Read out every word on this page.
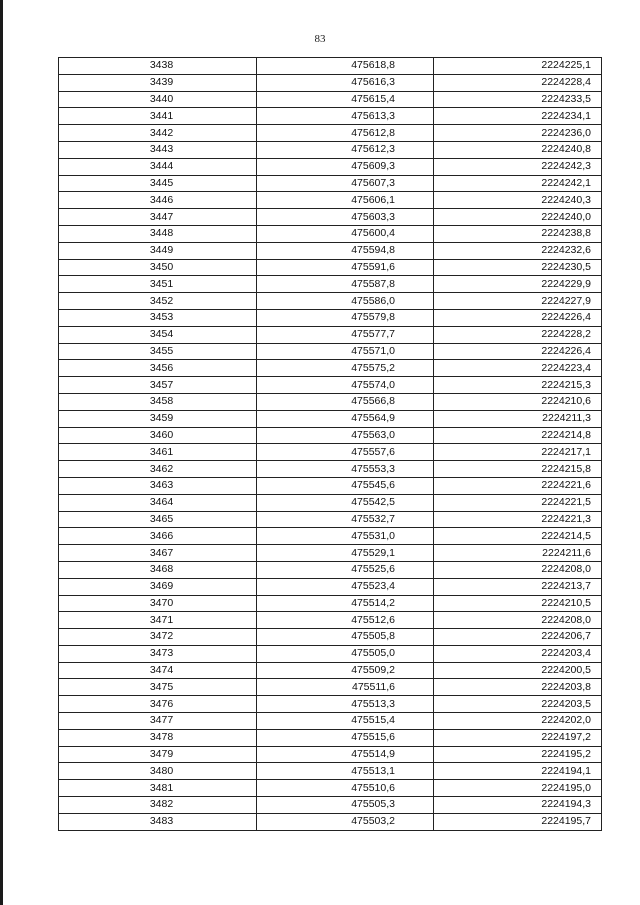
83
3438	475618,8	2224225,1
3439	475616,3	2224228,4
3440	475615,4	2224233,5
3441	475613,3	2224234,1
3442	475612,8	2224236,0
3443	475612,3	2224240,8
3444	475609,3	2224242,3
3445	475607,3	2224242,1
3446	475606,1	2224240,3
3447	475603,3	2224240,0
3448	475600,4	2224238,8
3449	475594,8	2224232,6
3450	475591,6	2224230,5
3451	475587,8	2224229,9
3452	475586,0	2224227,9
3453	475579,8	2224226,4
3454	475577,7	2224228,2
3455	475571,0	2224226,4
3456	475575,2	2224223,4
3457	475574,0	2224215,3
3458	475566,8	2224210,6
3459	475564,9	2224211,3
3460	475563,0	2224214,8
3461	475557,6	2224217,1
3462	475553,3	2224215,8
3463	475545,6	2224221,6
3464	475542,5	2224221,5
3465	475532,7	2224221,3
3466	475531,0	2224214,5
3467	475529,1	2224211,6
3468	475525,6	2224208,0
3469	475523,4	2224213,7
3470	475514,2	2224210,5
3471	475512,6	2224208,0
3472	475505,8	2224206,7
3473	475505,0	2224203,4
3474	475509,2	2224200,5
3475	475511,6	2224203,8
3476	475513,3	2224203,5
3477	475515,4	2224202,0
3478	475515,6	2224197,2
3479	475514,9	2224195,2
3480	475513,1	2224194,1
3481	475510,6	2224195,0
3482	475505,3	2224194,3
3483	475503,2	2224195,7
